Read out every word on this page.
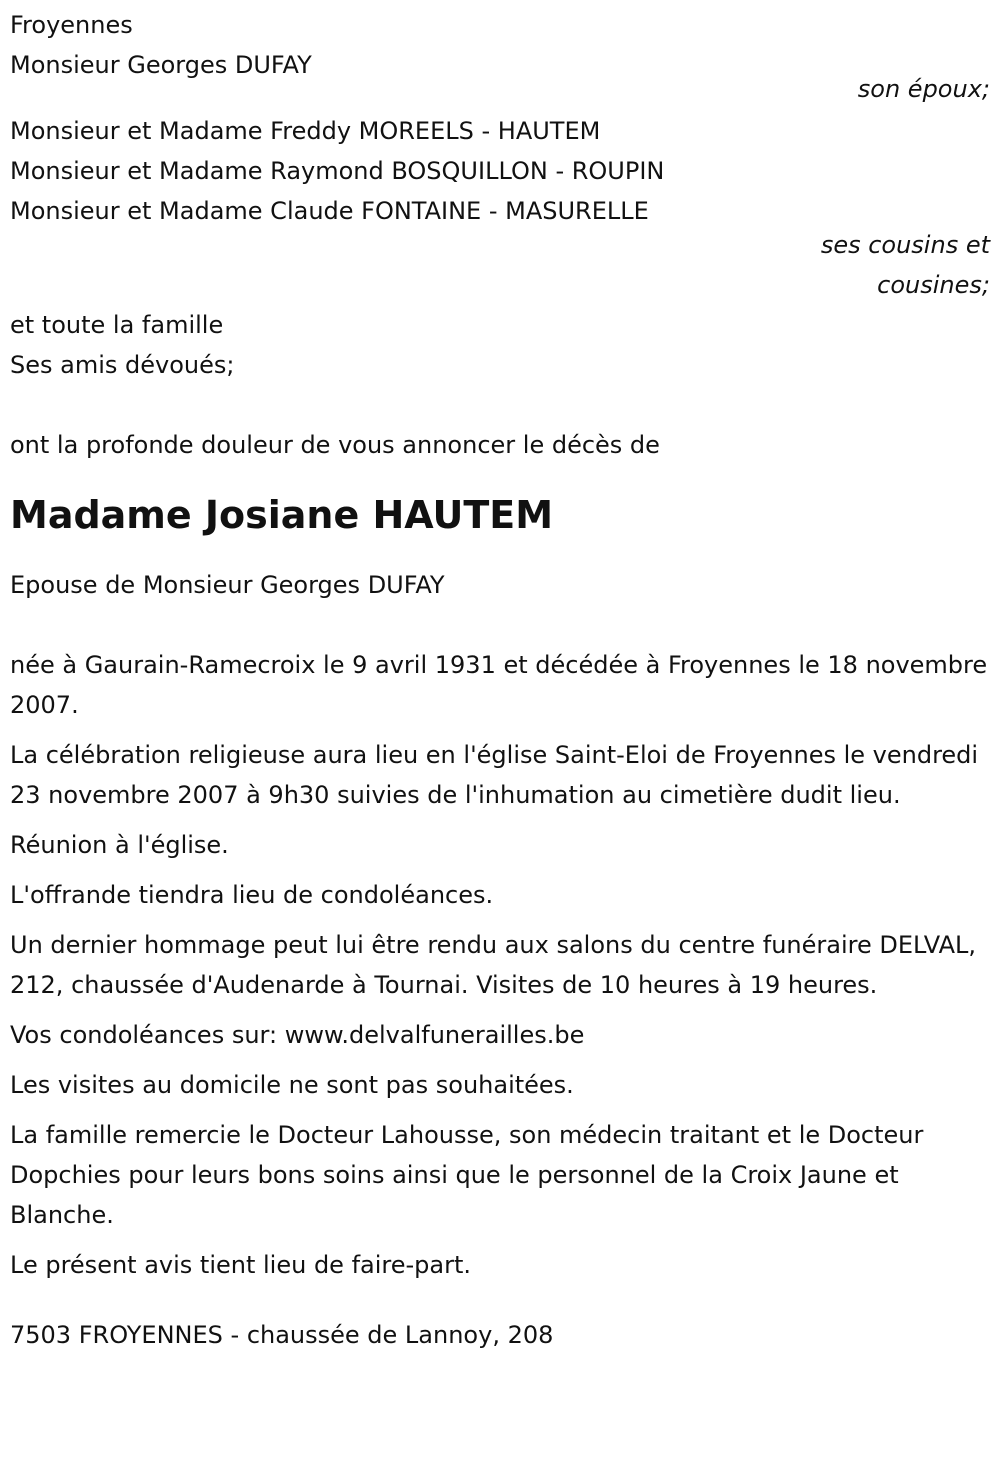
Froyennes
Monsieur Georges DUFAY
son époux;
Monsieur et Madame Freddy MOREELS - HAUTEM
Monsieur et Madame Raymond BOSQUILLON - ROUPIN
Monsieur et Madame Claude FONTAINE - MASURELLE
ses cousins et cousines;
et toute la famille
Ses amis dévoués;
ont la profonde douleur de vous annoncer le décès de
Madame Josiane HAUTEM
Epouse de Monsieur Georges DUFAY

née à Gaurain-Ramecroix le 9 avril 1931 et décédée à Froyennes le 18 novembre 2007.

La célébration religieuse aura lieu en l'église Saint-Eloi de Froyennes le vendredi 23 novembre 2007 à 9h30 suivies de l'inhumation au cimetière dudit lieu.

Réunion à l'église.

L'offrande tiendra lieu de condoléances.

Un dernier hommage peut lui être rendu aux salons du centre funéraire DELVAL, 212, chaussée d'Audenarde à Tournai. Visites de 10 heures à 19 heures.

Vos condoléances sur: www.delvalfunerailles.be

Les visites au domicile ne sont pas souhaitées.

La famille remercie le Docteur Lahousse, son médecin traitant et le Docteur Dopchies pour leurs bons soins ainsi que le personnel de la Croix Jaune et Blanche.

Le présent avis tient lieu de faire-part.

7503 FROYENNES - chaussée de Lannoy, 208
